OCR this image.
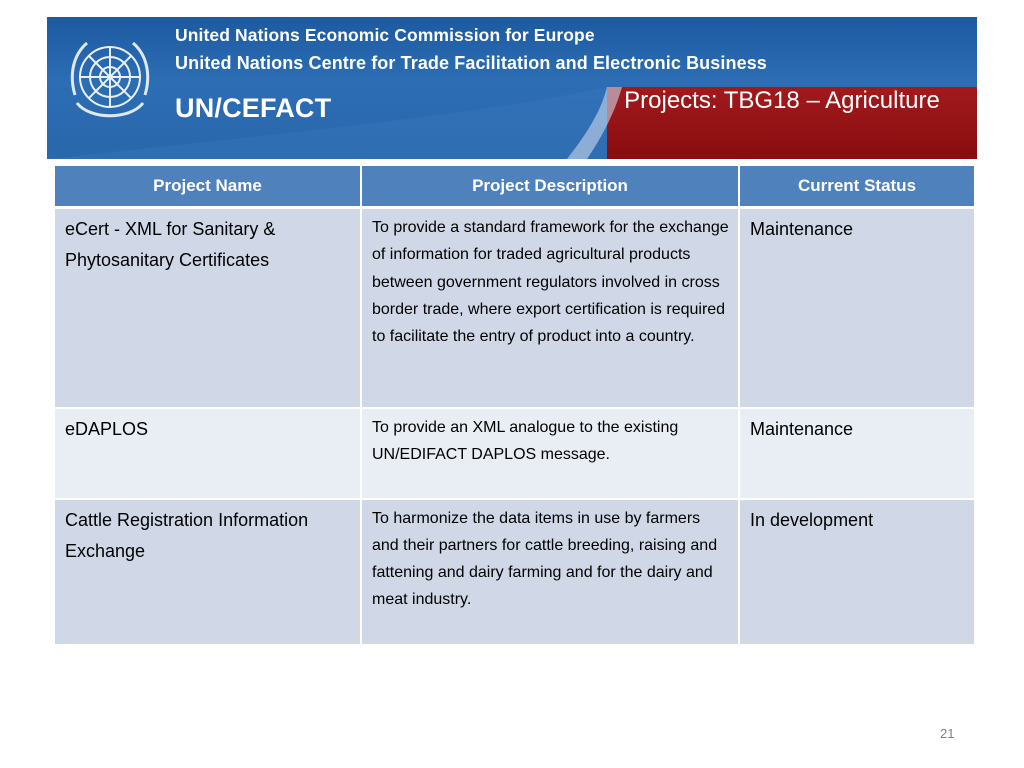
United Nations Economic Commission for Europe
United Nations Centre for Trade Facilitation and Electronic Business
UN/CEFACT	Projects: TBG18 – Agriculture
Project Name	Project Description	Current Status
eCert - XML for Sanitary & Phytosanitary Certificates	To provide a standard framework for the exchange of information for traded agricultural products between government regulators involved in cross border trade, where export certification is required to facilitate the entry of product into a country.	Maintenance
eDAPLOS	To provide an XML analogue to the existing UN/EDIFACT DAPLOS message.	Maintenance
Cattle Registration Information Exchange	To harmonize the data items in use by farmers and their partners for cattle breeding, raising and fattening and dairy farming and for the dairy and meat industry.	In development
21
